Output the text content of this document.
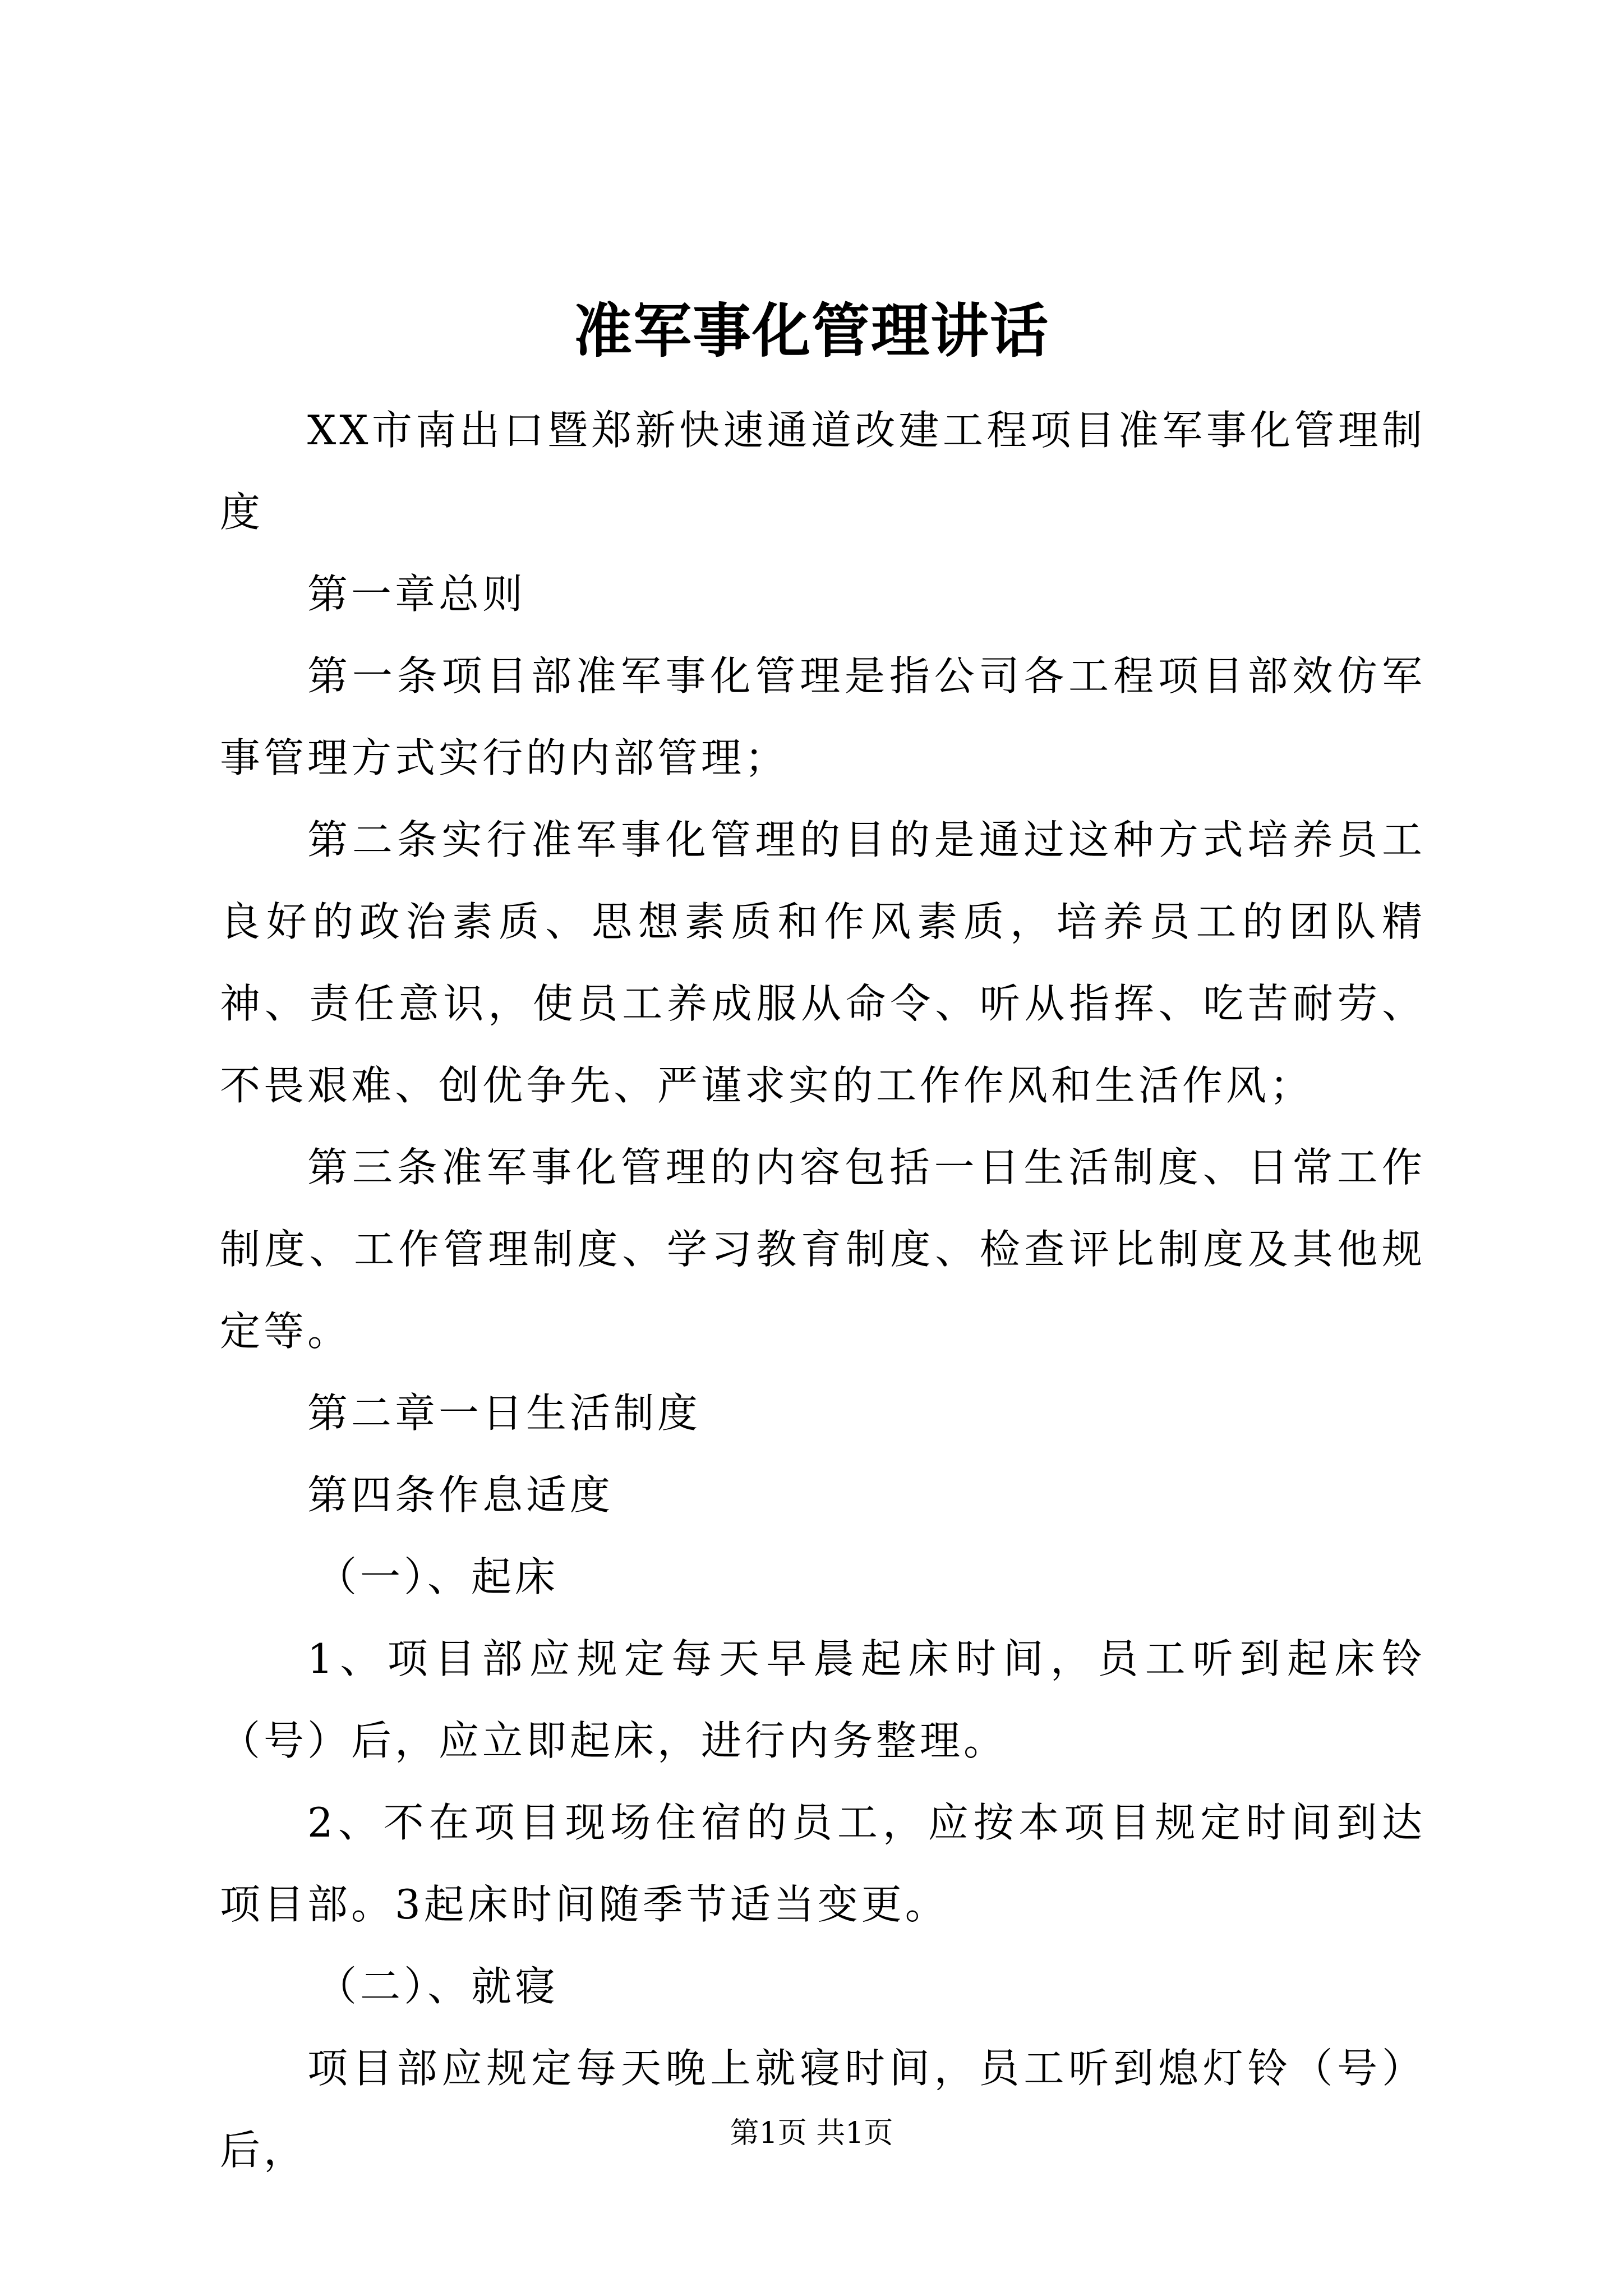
准军事化管理讲话

XX市南出口暨郑新快速通道改建工程项目准军事化管理制度

第一章总则

第一条项目部准军事化管理是指公司各工程项目部效仿军事管理方式实行的内部管理；

第二条实行准军事化管理的目的是通过这种方式培养员工良好的政治素质、思想素质和作风素质，培养员工的团队精神、责任意识，使员工养成服从命令、听从指挥、吃苦耐劳、不畏艰难、创优争先、严谨求实的工作作风和生活作风；

第三条准军事化管理的内容包括一日生活制度、日常工作制度、工作管理制度、学习教育制度、检查评比制度及其他规定等。

第二章一日生活制度

第四条作息适度

（一）、起床

1、项目部应规定每天早晨起床时间，员工听到起床铃（号）后，应立即起床，进行内务整理。

2、不在项目现场住宿的员工，应按本项目规定时间到达项目部。3起床时间随季节适当变更。

（二）、就寝

项目部应规定每天晚上就寝时间，员工听到熄灯铃（号）后，	第1页 共1页
